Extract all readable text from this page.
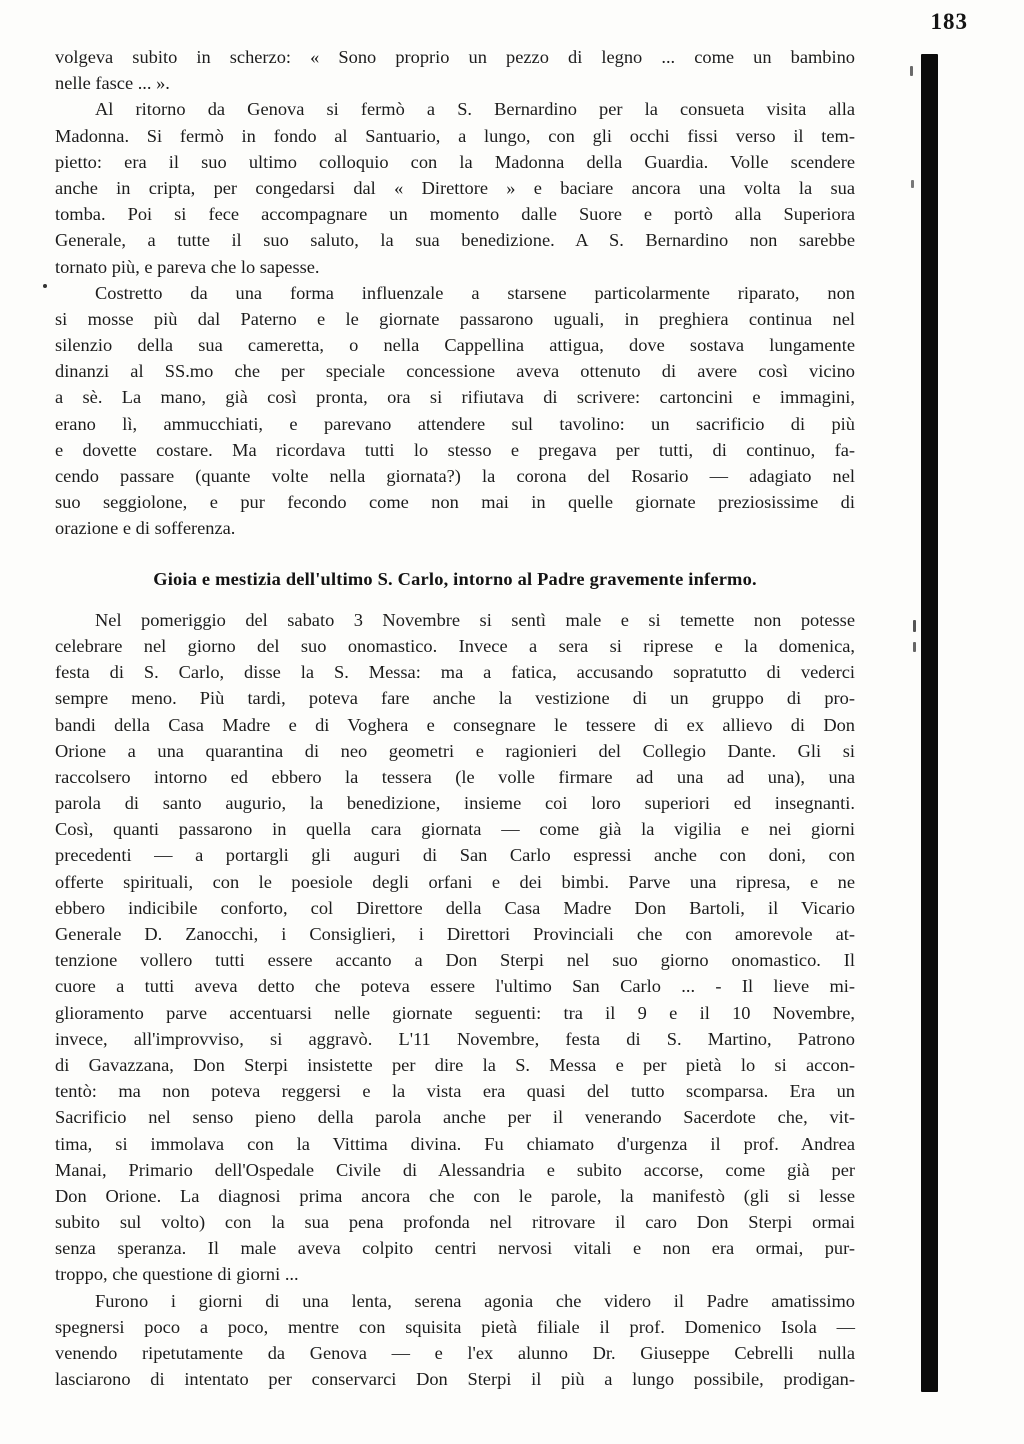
183
volgeva subito in scherzo: « Sono proprio un pezzo di legno ... come un bambino
nelle fasce ... ».
Al ritorno da Genova si fermò a S. Bernardino per la consueta visita alla
Madonna. Si fermò in fondo al Santuario, a lungo, con gli occhi fissi verso il tem-
pietto: era il suo ultimo colloquio con la Madonna della Guardia. Volle scendere
anche in cripta, per congedarsi dal « Direttore » e baciare ancora una volta la sua
tomba. Poi si fece accompagnare un momento dalle Suore e portò alla Superiora
Generale, a tutte il suo saluto, la sua benedizione. A S. Bernardino non sarebbe
tornato più, e pareva che lo sapesse.
Costretto da una forma influenzale a starsene particolarmente riparato, non
si mosse più dal Paterno e le giornate passarono uguali, in preghiera continua nel
silenzio della sua cameretta, o nella Cappellina attigua, dove sostava lungamente
dinanzi al SS.mo che per speciale concessione aveva ottenuto di avere così vicino
a sè. La mano, già così pronta, ora si rifiutava di scrivere: cartoncini e immagini,
erano lì, ammucchiati, e parevano attendere sul tavolino: un sacrificio di più
e dovette costare. Ma ricordava tutti lo stesso e pregava per tutti, di continuo, fa-
cendo passare (quante volte nella giornata?) la corona del Rosario — adagiato nel
suo seggiolone, e pur fecondo come non mai in quelle giornate preziosissime di
orazione e di sofferenza.
Gioia e mestizia dell'ultimo S. Carlo, intorno al Padre gravemente infermo.
Nel pomeriggio del sabato 3 Novembre si sentì male e si temette non potesse
celebrare nel giorno del suo onomastico. Invece a sera si riprese e la domenica,
festa di S. Carlo, disse la S. Messa: ma a fatica, accusando sopratutto di vederci
sempre meno. Più tardi, poteva fare anche la vestizione di un gruppo di pro-
bandi della Casa Madre e di Voghera e consegnare le tessere di ex allievo di Don
Orione a una quarantina di neo geometri e ragionieri del Collegio Dante. Gli si
raccolsero intorno ed ebbero la tessera (le volle firmare ad una ad una), una
parola di santo augurio, la benedizione, insieme coi loro superiori ed insegnanti.
Così, quanti passarono in quella cara giornata — come già la vigilia e nei giorni
precedenti — a portargli gli auguri di San Carlo espressi anche con doni, con
offerte spirituali, con le poesiole degli orfani e dei bimbi. Parve una ripresa, e ne
ebbero indicibile conforto, col Direttore della Casa Madre Don Bartoli, il Vicario
Generale D. Zanocchi, i Consiglieri, i Direttori Provinciali che con amorevole at-
tenzione vollero tutti essere accanto a Don Sterpi nel suo giorno onomastico. Il
cuore a tutti aveva detto che poteva essere l'ultimo San Carlo ... - Il lieve mi-
glioramento parve accentuarsi nelle giornate seguenti: tra il 9 e il 10 Novembre,
invece, all'improvviso, si aggravò. L'11 Novembre, festa di S. Martino, Patrono
di Gavazzana, Don Sterpi insistette per dire la S. Messa e per pietà lo si accon-
tentò: ma non poteva reggersi e la vista era quasi del tutto scomparsa. Era un
Sacrificio nel senso pieno della parola anche per il venerando Sacerdote che, vit-
tima, si immolava con la Vittima divina. Fu chiamato d'urgenza il prof. Andrea
Manai, Primario dell'Ospedale Civile di Alessandria e subito accorse, come già per
Don Orione. La diagnosi prima ancora che con le parole, la manifestò (gli si lesse
subito sul volto) con la sua pena profonda nel ritrovare il caro Don Sterpi ormai
senza speranza. Il male aveva colpito centri nervosi vitali e non era ormai, pur-
troppo, che questione di giorni ...
Furono i giorni di una lenta, serena agonia che videro il Padre amatissimo
spegnersi poco a poco, mentre con squisita pietà filiale il prof. Domenico Isola —
venendo ripetutamente da Genova — e l'ex alunno Dr. Giuseppe Cebrelli nulla
lasciarono di intentato per conservarci Don Sterpi il più a lungo possibile, prodigan-
